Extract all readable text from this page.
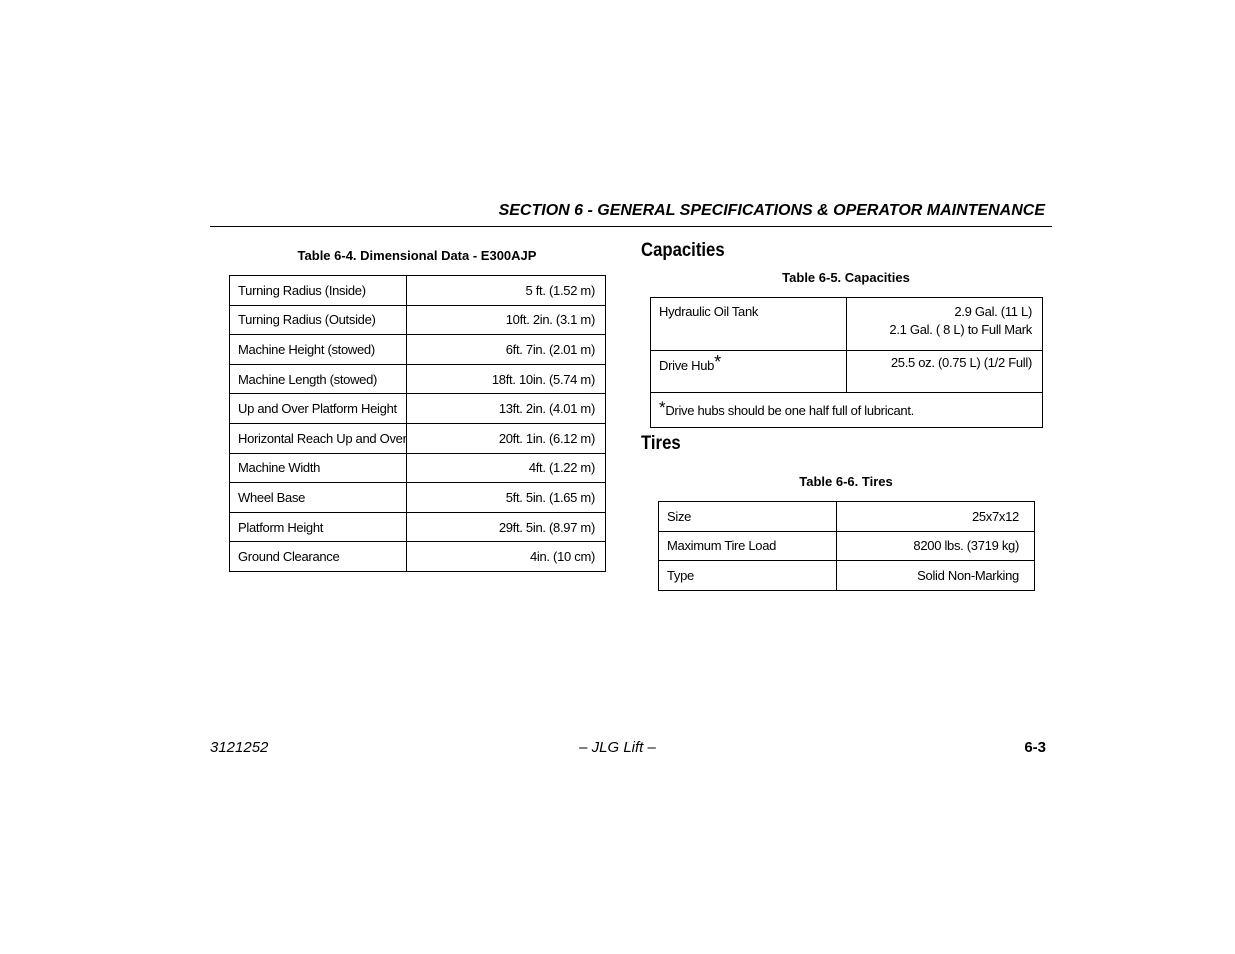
SECTION 6 - GENERAL SPECIFICATIONS & OPERATOR MAINTENANCE
Table 6-4. Dimensional Data - E300AJP
Turning Radius (Inside)	5 ft. (1.52 m)
Turning Radius (Outside)	10ft. 2in. (3.1 m)
Machine Height (stowed)	6ft. 7in. (2.01 m)
Machine Length (stowed)	18ft. 10in. (5.74 m)
Up and Over Platform Height	13ft. 2in. (4.01 m)
Horizontal Reach Up and Over	20ft. 1in. (6.12 m)
Machine Width	4ft. (1.22 m)
Wheel Base	5ft. 5in. (1.65 m)
Platform Height	29ft. 5in. (8.97 m)
Ground Clearance	4in. (10 cm)
Capacities
Table 6-5. Capacities
Hydraulic Oil Tank	2.9 Gal. (11 L)
2.1 Gal. ( 8 L) to Full Mark

Drive Hub*	25.5 oz. (0.75 L) (1/2 Full)
*Drive hubs should be one half full of lubricant.	
Tires
Table 6-6. Tires
Size	25x7x12
Maximum Tire Load	8200 lbs. (3719 kg)
Type	Solid Non-Marking
3121252	– JLG Lift –	6-3
